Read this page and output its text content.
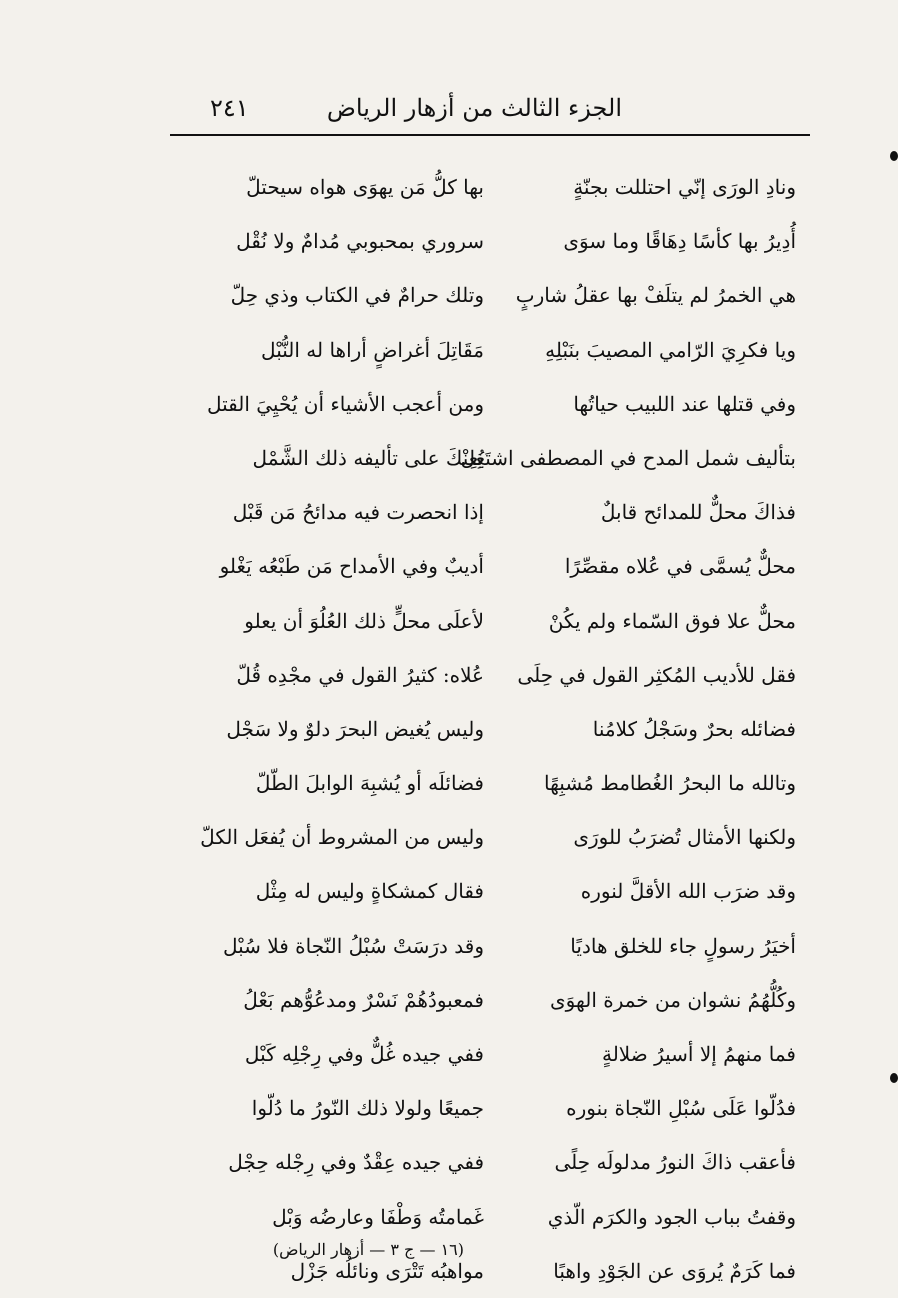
الجزء الثالث من أزهار الرياض
٢٤١
ونادِ الورَى إنّي احتللت بجنّةٍ
أُدِيرُ بها كأسًا دِهَاقًا وما سوَى
هي الخمرُ لم يتلَفْ بها عقلُ شاربٍ
ويا فكرِيَ الرّامي المصيبَ بنَبْلِهِ
وفي قتلها عند اللبيب حياتُها
بتأليف شمل المدح في المصطفى اشتَغِل
فذاكَ محلٌّ للمدائح قابلٌ
محلٌّ يُسمَّى في عُلاه مقصِّرًا
محلٌّ علا فوق السّماء ولم يكُنْ
فقل للأديب المُكثِر القول في حِلَى
فضائله بحرٌ وسَجْلُ كلامُنا
وتالله ما البحرُ الغُطامط مُشبِهًا
ولكنها الأمثال تُضرَبُ للورَى
وقد ضرَب الله الأقلَّ لنوره
أخيَرُ رسولٍ جاء للخلق هاديًا
وكُلُّهُمُ نشوان من خمرة الهوَى
فما منهمُ إلا أسيرُ ضلالةٍ
فدُلّوا عَلَى سُبْلِ النّجاة بنوره
فأعقب ذاكَ النورُ مدلولَه حِلًى
وقفتُ بباب الجود والكرَم الّذي
فما كَرَمٌ يُروَى عن الجَوْدِ واهبًا
بها كلُّ مَن يهوَى هواه سيحتلّ
سروري بمحبوبي مُدامٌ ولا نُقْل
وتلك حرامٌ في الكتاب وذي حِلّ
مَقَاتِلَ أغراضٍ أراها له النُّبْل
ومن أعجب الأشياء أن يُحْيِيَ القتل
يُعِنْكَ على تأليفه ذلك الشَّمْل
إذا انحصرت فيه مدائحُ مَن قَبْل
أديبٌ وفي الأمداح مَن طَبْعُه يَغْلو
لأعلَى محلٍّ ذلك العُلُوَ أن يعلو
عُلاه: كثيرُ القول في مجْدِه قُلّ
وليس يُغيض البحرَ دلوٌ ولا سَجْل
فضائلَه أو يُشبِهَ الوابلَ الطّلّ
وليس من المشروط أن يُفعَل الكلّ
فقال كمشكاةٍ وليس له مِثْل
وقد درَسَتْ سُبْلُ النّجاة فلا سُبْل
فمعبودُهُمْ نَسْرٌ ومدعُوُّهم بَعْلُ
ففي جيده غُلٌّ وفي رِجْلِه كَبْل
جميعًا ولولا ذلك النّورُ ما دُلّوا
ففي جيده عِقْدٌ وفي رِجْله حِجْل
غَمامتُه وَطْفَا وعارضُه وَبْل
مواهبُه تَتْرَى ونائلُه جَزْل
(١٦ — ج ٣ — أزهار الرياض)
